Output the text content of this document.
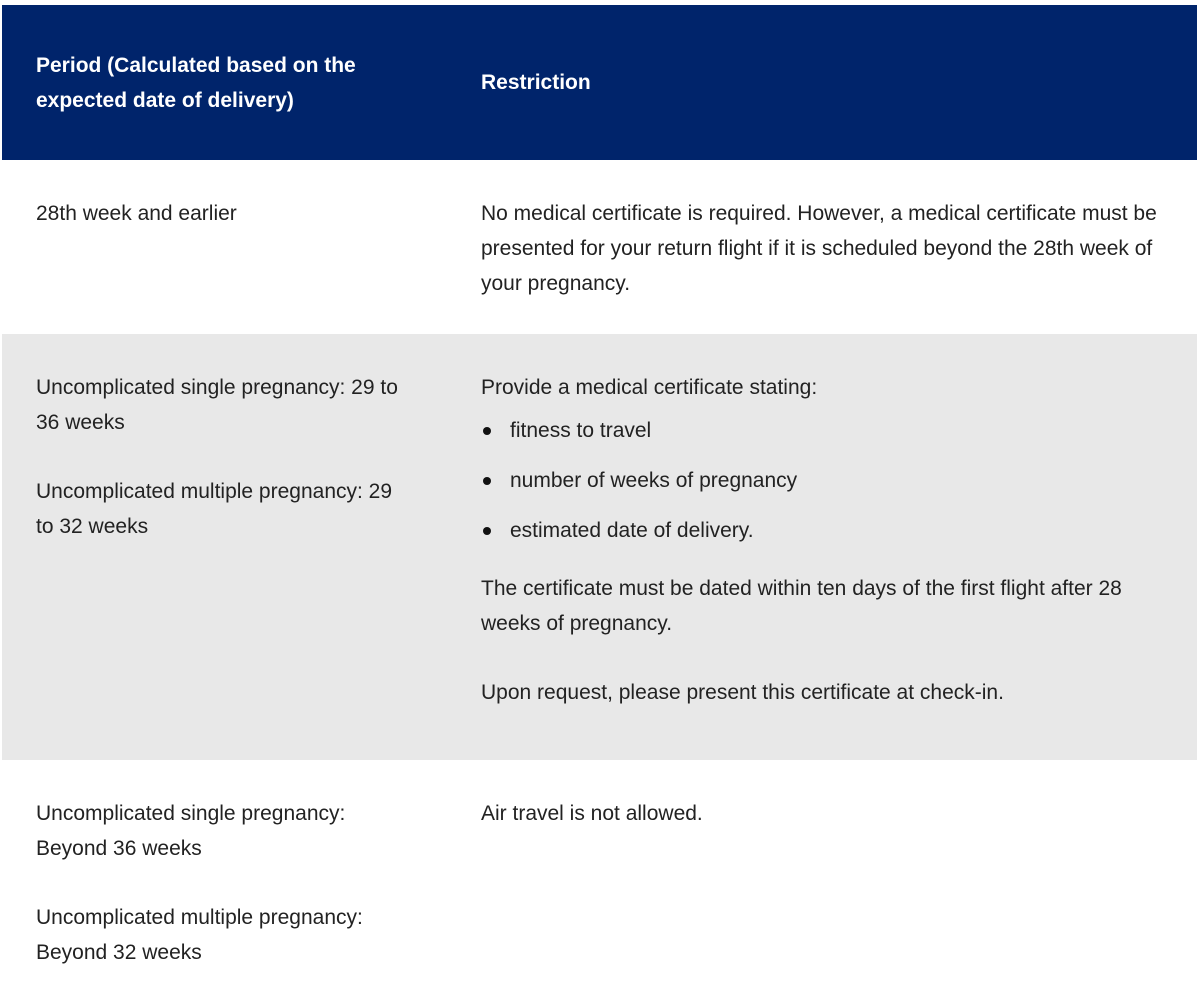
Period (Calculated based on the expected date of delivery)
Restriction

28th week and earlier	No medical certificate is required. However, a medical certificate must be presented for your return flight if it is scheduled beyond the 28th week of your pregnancy.

Uncomplicated single pregnancy: 29 to 36 weeks

Uncomplicated multiple pregnancy: 29 to 32 weeks

Provide a medical certificate stating:

fitness to travel
number of weeks of pregnancy
estimated date of delivery.

The certificate must be dated within ten days of the first flight after 28 weeks of pregnancy.

Upon request, please present this certificate at check-in.

Uncomplicated single pregnancy: Beyond 36 weeks

Uncomplicated multiple pregnancy: Beyond 32 weeks

Air travel is not allowed.
